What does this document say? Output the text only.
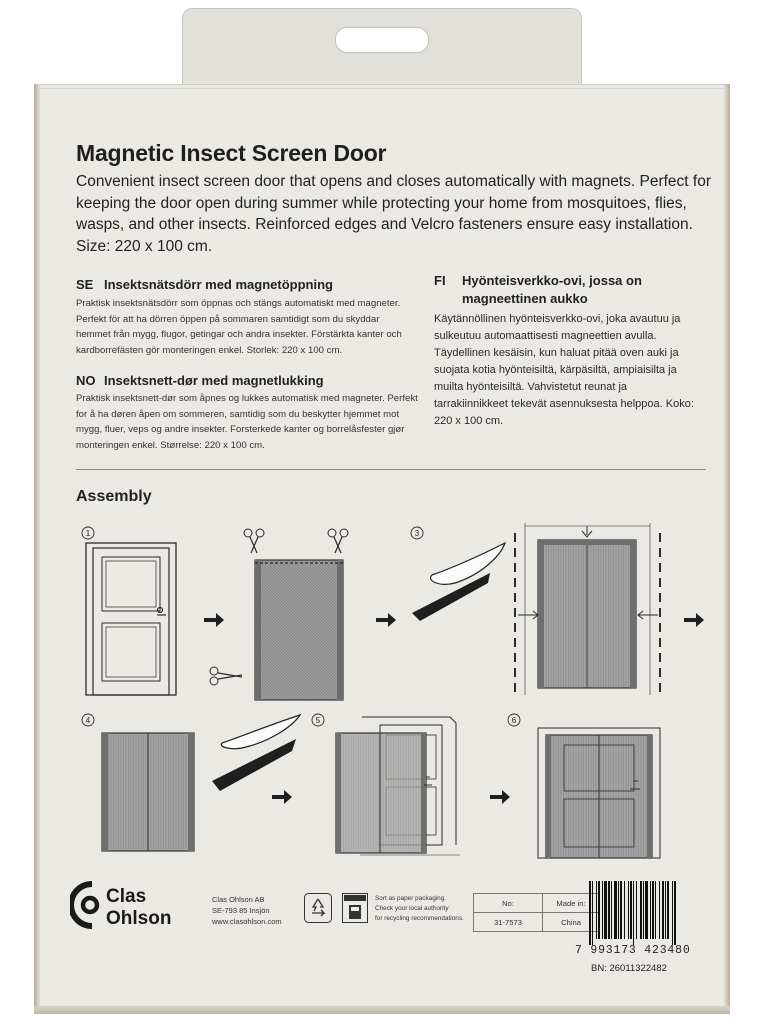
Magnetic Insect Screen Door

Convenient insect screen door that opens and closes automatically with magnets. Perfect for keeping the door open during summer while protecting your home from mosquitoes, flies, wasps, and other insects. Reinforced edges and Velcro fasteners ensure easy installation. Size: 220 x 100 cm.

SE Insektsnätsdörr med magnetöppning

Praktisk insektsnätsdörr som öppnas och stängs automatiskt med magneter. Perfekt för att ha dörren öppen på sommaren samtidigt som du skyddar hemmet från mygg, flugor, getingar och andra insekter. Förstärkta kanter och kardborrefästen gör monteringen enkel. Storlek: 220 x 100 cm.

NO Insektsnett-dør med magnetlukking

Praktisk insektsnett-dør som åpnes og lukkes automatisk med magneter. Perfekt for å ha døren åpen om sommeren, samtidig som du beskytter hjemmet mot mygg, fluer, veps og andre insekter. Forsterkede kanter og borrelåsfester gjør monteringen enkel. Størrelse: 220 x 100 cm.

FI Hyönteisverkko-ovi, jossa on
magneettinen aukko

Käytännöllinen hyönteisverkko-ovi, joka avautuu ja sulkeutuu automaattisesti magneettien avulla. Täydellinen kesäisin, kun haluat pitää oven auki ja suojata kotia hyönteisiltä, kärpäsiltä, ampiaisilta ja muilta hyönteisiltä. Vahvistetut reunat ja tarrakiinnikkeet tekevät asennuksesta helppoa. Koko: 220 x 100 cm.

Assembly
1	3
4	5	6

Clas
Ohlson

Clas Ohlson AB
SE-793 85 Insjön
www.clasohlson.com

Sort as paper packaging.
Check your local authority
for recycling recommendations.

No:	Made in:
31-7573	China

7 993173 423480

BN: 26011322482
